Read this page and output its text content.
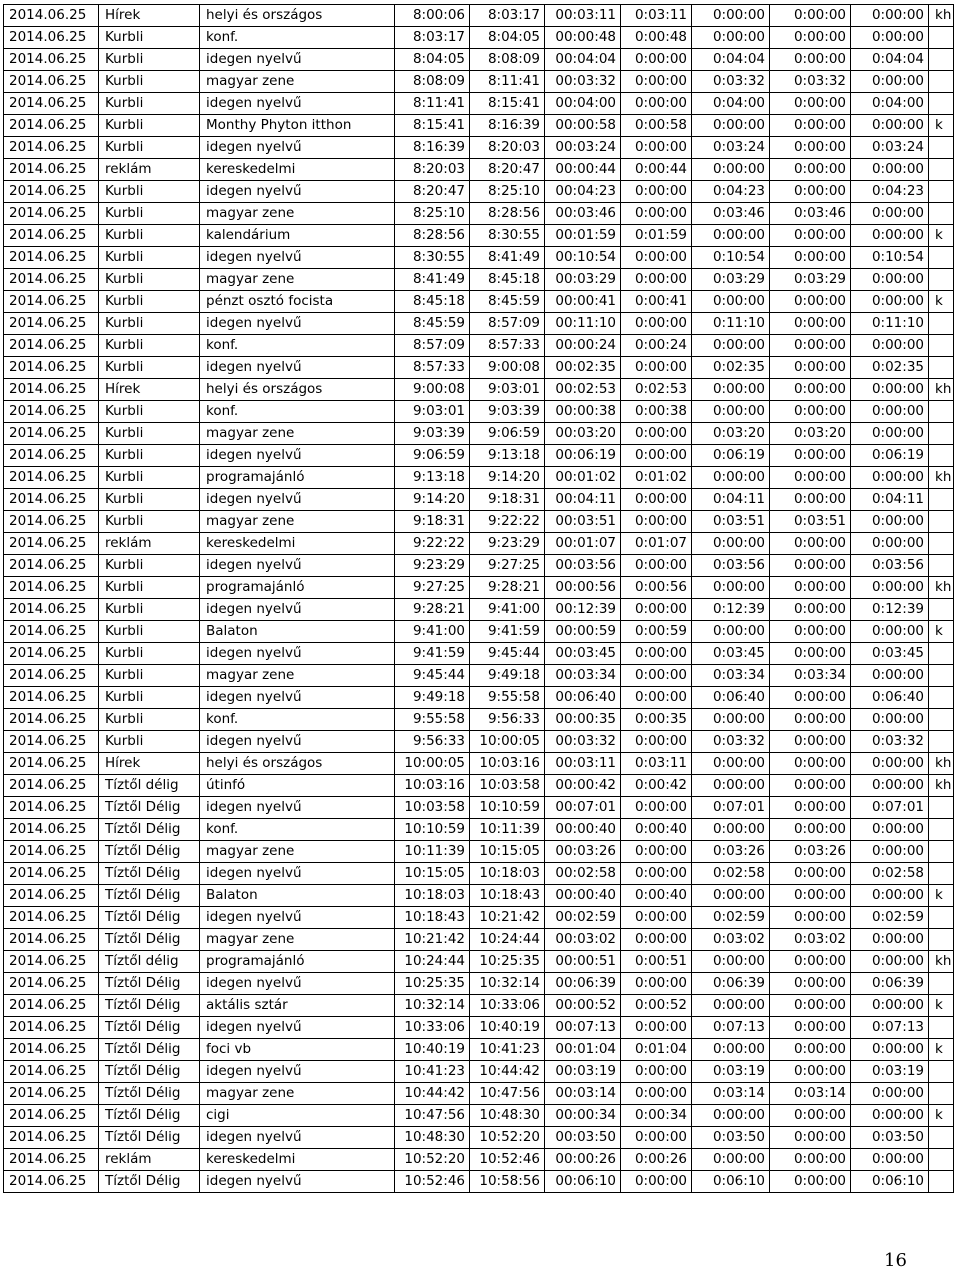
2014.06.25	Hírek	helyi és országos	8:00:06	8:03:17	00:03:11	0:03:11	0:00:00	0:00:00	0:00:00	kh
2014.06.25	Kurbli	konf.	8:03:17	8:04:05	00:00:48	0:00:48	0:00:00	0:00:00	0:00:00	
2014.06.25	Kurbli	idegen nyelvű	8:04:05	8:08:09	00:04:04	0:00:00	0:04:04	0:00:00	0:04:04	
2014.06.25	Kurbli	magyar zene	8:08:09	8:11:41	00:03:32	0:00:00	0:03:32	0:03:32	0:00:00	
2014.06.25	Kurbli	idegen nyelvű	8:11:41	8:15:41	00:04:00	0:00:00	0:04:00	0:00:00	0:04:00	
2014.06.25	Kurbli	Monthy Phyton itthon	8:15:41	8:16:39	00:00:58	0:00:58	0:00:00	0:00:00	0:00:00	k
2014.06.25	Kurbli	idegen nyelvű	8:16:39	8:20:03	00:03:24	0:00:00	0:03:24	0:00:00	0:03:24	
2014.06.25	reklám	kereskedelmi	8:20:03	8:20:47	00:00:44	0:00:44	0:00:00	0:00:00	0:00:00	
2014.06.25	Kurbli	idegen nyelvű	8:20:47	8:25:10	00:04:23	0:00:00	0:04:23	0:00:00	0:04:23	
2014.06.25	Kurbli	magyar zene	8:25:10	8:28:56	00:03:46	0:00:00	0:03:46	0:03:46	0:00:00	
2014.06.25	Kurbli	kalendárium	8:28:56	8:30:55	00:01:59	0:01:59	0:00:00	0:00:00	0:00:00	k
2014.06.25	Kurbli	idegen nyelvű	8:30:55	8:41:49	00:10:54	0:00:00	0:10:54	0:00:00	0:10:54	
2014.06.25	Kurbli	magyar zene	8:41:49	8:45:18	00:03:29	0:00:00	0:03:29	0:03:29	0:00:00	
2014.06.25	Kurbli	pénzt osztó focista	8:45:18	8:45:59	00:00:41	0:00:41	0:00:00	0:00:00	0:00:00	k
2014.06.25	Kurbli	idegen nyelvű	8:45:59	8:57:09	00:11:10	0:00:00	0:11:10	0:00:00	0:11:10	
2014.06.25	Kurbli	konf.	8:57:09	8:57:33	00:00:24	0:00:24	0:00:00	0:00:00	0:00:00	
2014.06.25	Kurbli	idegen nyelvű	8:57:33	9:00:08	00:02:35	0:00:00	0:02:35	0:00:00	0:02:35	
2014.06.25	Hírek	helyi és országos	9:00:08	9:03:01	00:02:53	0:02:53	0:00:00	0:00:00	0:00:00	kh
2014.06.25	Kurbli	konf.	9:03:01	9:03:39	00:00:38	0:00:38	0:00:00	0:00:00	0:00:00	
2014.06.25	Kurbli	magyar zene	9:03:39	9:06:59	00:03:20	0:00:00	0:03:20	0:03:20	0:00:00	
2014.06.25	Kurbli	idegen nyelvű	9:06:59	9:13:18	00:06:19	0:00:00	0:06:19	0:00:00	0:06:19	
2014.06.25	Kurbli	programajánló	9:13:18	9:14:20	00:01:02	0:01:02	0:00:00	0:00:00	0:00:00	kh
2014.06.25	Kurbli	idegen nyelvű	9:14:20	9:18:31	00:04:11	0:00:00	0:04:11	0:00:00	0:04:11	
2014.06.25	Kurbli	magyar zene	9:18:31	9:22:22	00:03:51	0:00:00	0:03:51	0:03:51	0:00:00	
2014.06.25	reklám	kereskedelmi	9:22:22	9:23:29	00:01:07	0:01:07	0:00:00	0:00:00	0:00:00	
2014.06.25	Kurbli	idegen nyelvű	9:23:29	9:27:25	00:03:56	0:00:00	0:03:56	0:00:00	0:03:56	
2014.06.25	Kurbli	programajánló	9:27:25	9:28:21	00:00:56	0:00:56	0:00:00	0:00:00	0:00:00	kh
2014.06.25	Kurbli	idegen nyelvű	9:28:21	9:41:00	00:12:39	0:00:00	0:12:39	0:00:00	0:12:39	
2014.06.25	Kurbli	Balaton	9:41:00	9:41:59	00:00:59	0:00:59	0:00:00	0:00:00	0:00:00	k
2014.06.25	Kurbli	idegen nyelvű	9:41:59	9:45:44	00:03:45	0:00:00	0:03:45	0:00:00	0:03:45	
2014.06.25	Kurbli	magyar zene	9:45:44	9:49:18	00:03:34	0:00:00	0:03:34	0:03:34	0:00:00	
2014.06.25	Kurbli	idegen nyelvű	9:49:18	9:55:58	00:06:40	0:00:00	0:06:40	0:00:00	0:06:40	
2014.06.25	Kurbli	konf.	9:55:58	9:56:33	00:00:35	0:00:35	0:00:00	0:00:00	0:00:00	
2014.06.25	Kurbli	idegen nyelvű	9:56:33	10:00:05	00:03:32	0:00:00	0:03:32	0:00:00	0:03:32	
2014.06.25	Hírek	helyi és országos	10:00:05	10:03:16	00:03:11	0:03:11	0:00:00	0:00:00	0:00:00	kh
2014.06.25	Tíztől délig	útinfó	10:03:16	10:03:58	00:00:42	0:00:42	0:00:00	0:00:00	0:00:00	kh
2014.06.25	Tíztől Délig	idegen nyelvű	10:03:58	10:10:59	00:07:01	0:00:00	0:07:01	0:00:00	0:07:01	
2014.06.25	Tíztől Délig	konf.	10:10:59	10:11:39	00:00:40	0:00:40	0:00:00	0:00:00	0:00:00	
2014.06.25	Tíztől Délig	magyar zene	10:11:39	10:15:05	00:03:26	0:00:00	0:03:26	0:03:26	0:00:00	
2014.06.25	Tíztől Délig	idegen nyelvű	10:15:05	10:18:03	00:02:58	0:00:00	0:02:58	0:00:00	0:02:58	
2014.06.25	Tíztől Délig	Balaton	10:18:03	10:18:43	00:00:40	0:00:40	0:00:00	0:00:00	0:00:00	k
2014.06.25	Tíztől Délig	idegen nyelvű	10:18:43	10:21:42	00:02:59	0:00:00	0:02:59	0:00:00	0:02:59	
2014.06.25	Tíztől Délig	magyar zene	10:21:42	10:24:44	00:03:02	0:00:00	0:03:02	0:03:02	0:00:00	
2014.06.25	Tíztől délig	programajánló	10:24:44	10:25:35	00:00:51	0:00:51	0:00:00	0:00:00	0:00:00	kh
2014.06.25	Tíztől Délig	idegen nyelvű	10:25:35	10:32:14	00:06:39	0:00:00	0:06:39	0:00:00	0:06:39	
2014.06.25	Tíztől Délig	aktális sztár	10:32:14	10:33:06	00:00:52	0:00:52	0:00:00	0:00:00	0:00:00	k
2014.06.25	Tíztől Délig	idegen nyelvű	10:33:06	10:40:19	00:07:13	0:00:00	0:07:13	0:00:00	0:07:13	
2014.06.25	Tíztől Délig	foci vb	10:40:19	10:41:23	00:01:04	0:01:04	0:00:00	0:00:00	0:00:00	k
2014.06.25	Tíztől Délig	idegen nyelvű	10:41:23	10:44:42	00:03:19	0:00:00	0:03:19	0:00:00	0:03:19	
2014.06.25	Tíztől Délig	magyar zene	10:44:42	10:47:56	00:03:14	0:00:00	0:03:14	0:03:14	0:00:00	
2014.06.25	Tíztől Délig	cigi	10:47:56	10:48:30	00:00:34	0:00:34	0:00:00	0:00:00	0:00:00	k
2014.06.25	Tíztől Délig	idegen nyelvű	10:48:30	10:52:20	00:03:50	0:00:00	0:03:50	0:00:00	0:03:50	
2014.06.25	reklám	kereskedelmi	10:52:20	10:52:46	00:00:26	0:00:26	0:00:00	0:00:00	0:00:00	
2014.06.25	Tíztől Délig	idegen nyelvű	10:52:46	10:58:56	00:06:10	0:00:00	0:06:10	0:00:00	0:06:10	
16
